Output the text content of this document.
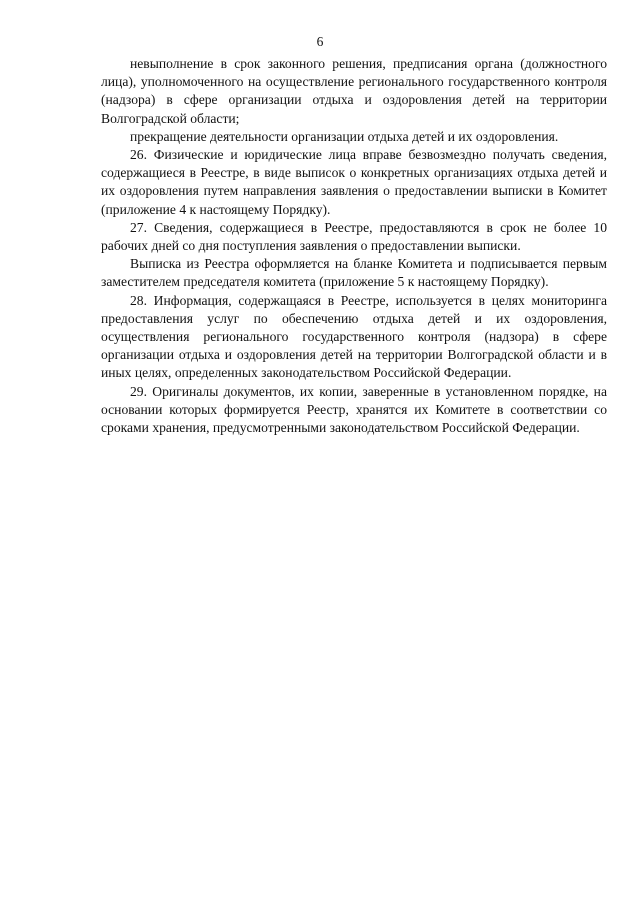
6

невыполнение в срок законного решения, предписания органа (должностного лица), уполномоченного на осуществление регионального государственного контроля (надзора) в сфере организации отдыха и оздоровления детей на территории Волгоградской области;

прекращение деятельности организации отдыха детей и их оздоровления.

26. Физические и юридические лица вправе безвозмездно получать сведения, содержащиеся в Реестре, в виде выписок о конкретных организациях отдыха детей и их оздоровления путем направления заявления о предоставлении выписки в Комитет (приложение 4 к настоящему Порядку).

27. Сведения, содержащиеся в Реестре, предоставляются в срок не более 10 рабочих дней со дня поступления заявления о предоставлении выписки.

Выписка из Реестра оформляется на бланке Комитета и подписывается первым заместителем председателя комитета (приложение 5 к настоящему Порядку).

28. Информация, содержащаяся в Реестре, используется в целях мониторинга предоставления услуг по обеспечению отдыха детей и их оздоровления, осуществления регионального государственного контроля (надзора) в сфере организации отдыха и оздоровления детей на территории Волгоградской области и в иных целях, определенных законодательством Российской Федерации.

29. Оригиналы документов, их копии, заверенные в установленном порядке, на основании которых формируется Реестр, хранятся их Комитете в соответствии со сроками хранения, предусмотренными законодательством Российской Федерации.
